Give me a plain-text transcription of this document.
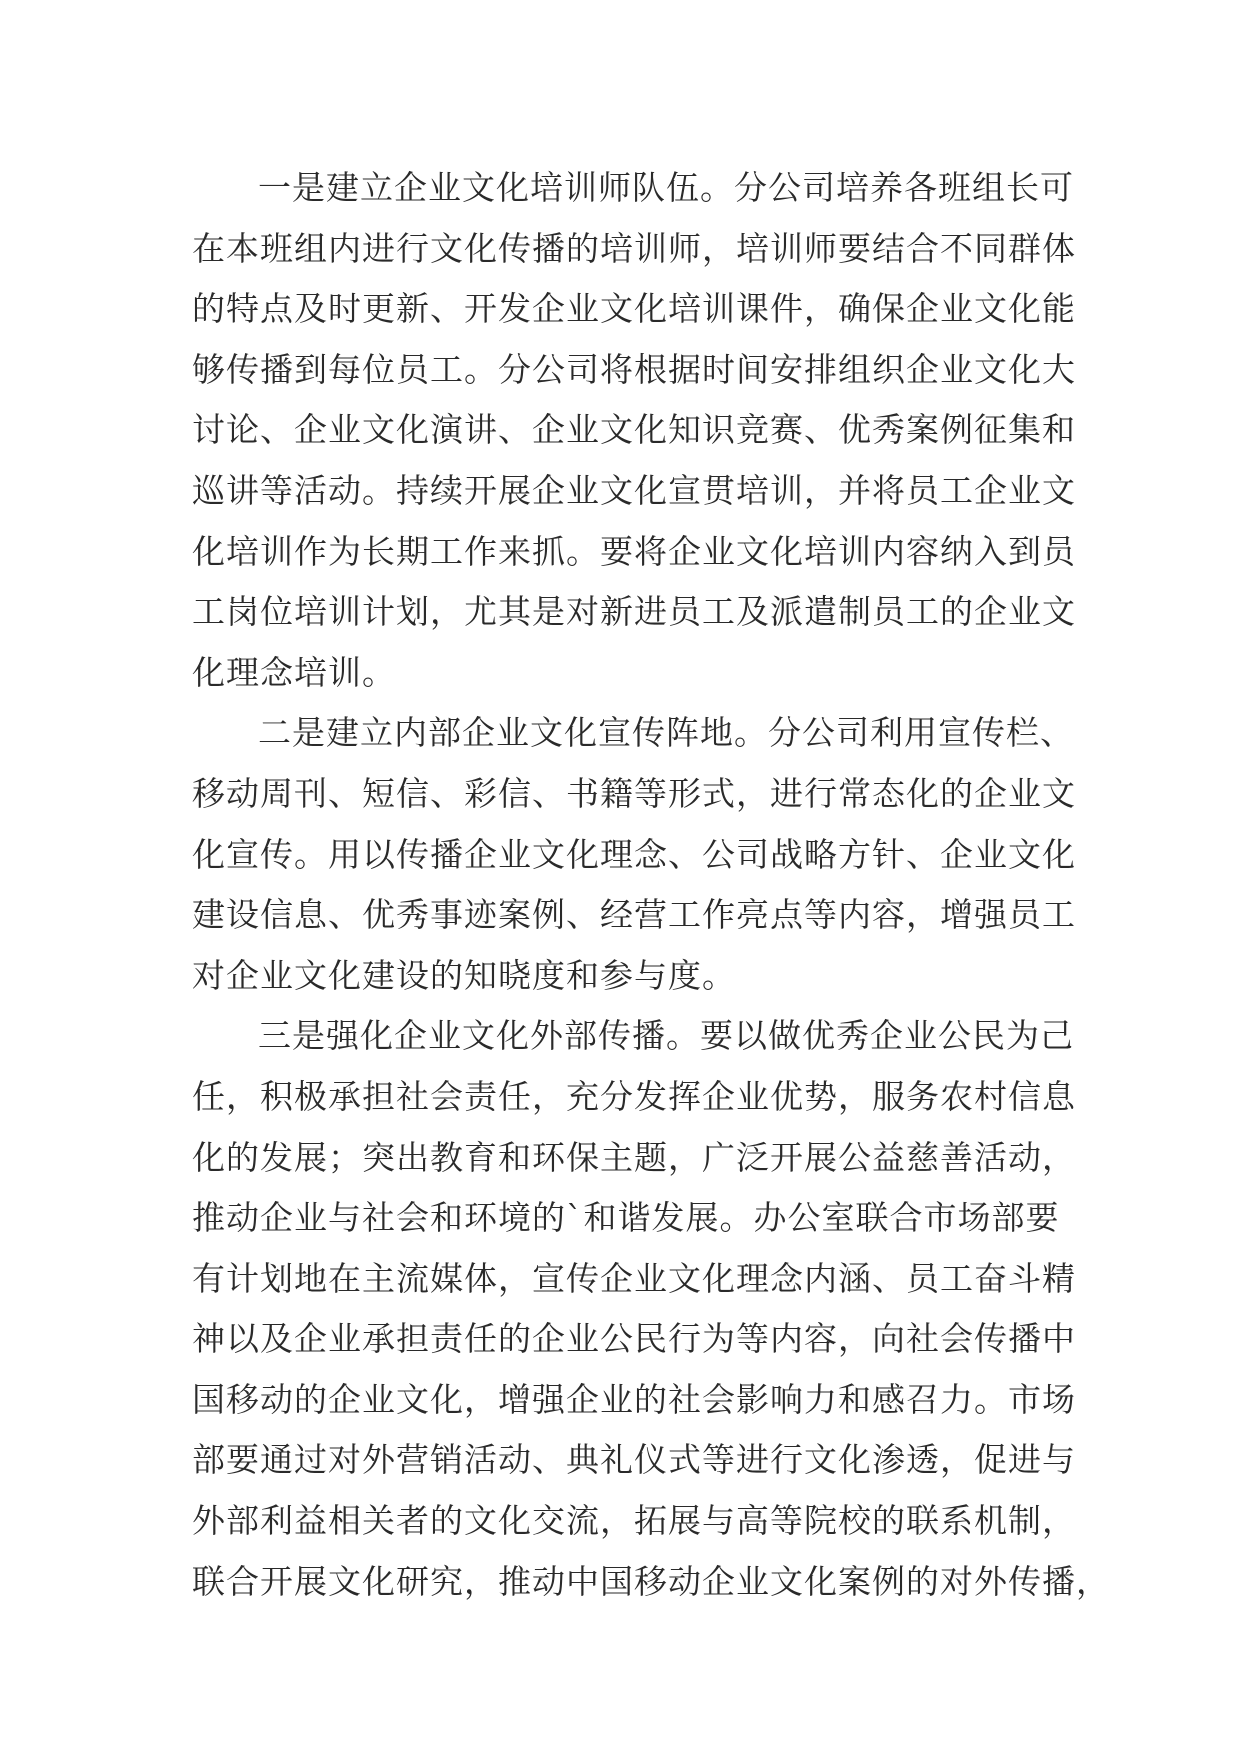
一是建立企业文化培训师队伍。分公司培养各班组长可
在本班组内进行文化传播的培训师，培训师要结合不同群体
的特点及时更新、开发企业文化培训课件，确保企业文化能
够传播到每位员工。分公司将根据时间安排组织企业文化大
讨论、企业文化演讲、企业文化知识竞赛、优秀案例征集和
巡讲等活动。持续开展企业文化宣贯培训，并将员工企业文
化培训作为长期工作来抓。要将企业文化培训内容纳入到员
工岗位培训计划，尤其是对新进员工及派遣制员工的企业文
化理念培训。
二是建立内部企业文化宣传阵地。分公司利用宣传栏、
移动周刊、短信、彩信、书籍等形式，进行常态化的企业文
化宣传。用以传播企业文化理念、公司战略方针、企业文化
建设信息、优秀事迹案例、经营工作亮点等内容，增强员工
对企业文化建设的知晓度和参与度。
三是强化企业文化外部传播。要以做优秀企业公民为己
任，积极承担社会责任，充分发挥企业优势，服务农村信息
化的发展；突出教育和环保主题，广泛开展公益慈善活动，
推动企业与社会和环境的`和谐发展。办公室联合市场部要
有计划地在主流媒体，宣传企业文化理念内涵、员工奋斗精
神以及企业承担责任的企业公民行为等内容，向社会传播中
国移动的企业文化，增强企业的社会影响力和感召力。市场
部要通过对外营销活动、典礼仪式等进行文化渗透，促进与
外部利益相关者的文化交流，拓展与高等院校的联系机制，
联合开展文化研究，推动中国移动企业文化案例的对外传播，
